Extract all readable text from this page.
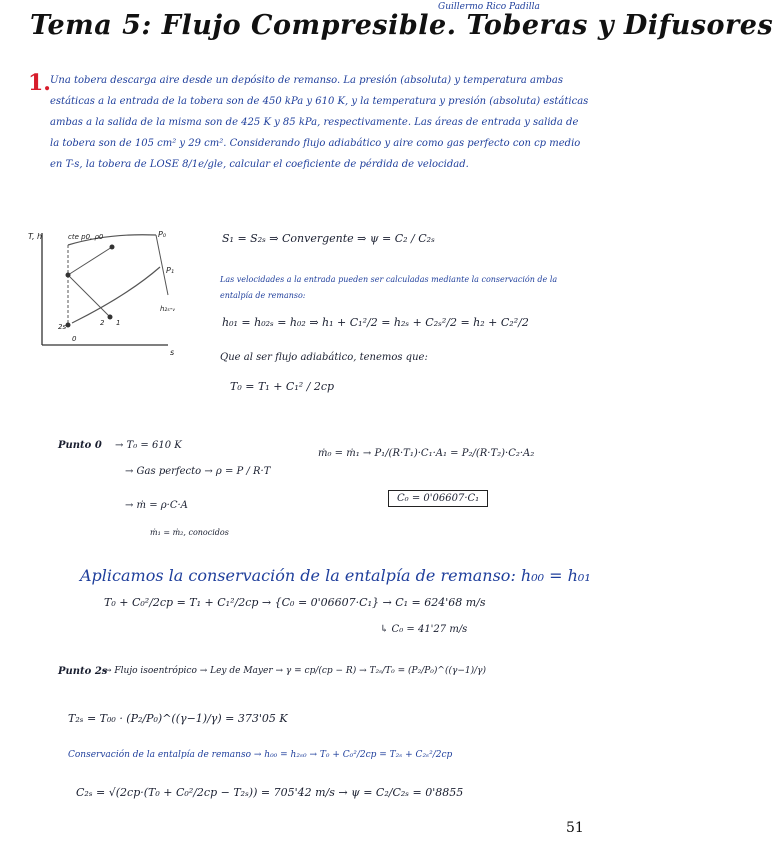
Tema 5: Flujo Compresible. Toberas y Difusores
Guillermo Rico Padilla
1. Una tobera descarga aire desde un depósito de remanso. La presión (absoluta) y temperatura ambas estáticas a la entrada de la tobera son de 450 kPa y 610 K, y la temperatura y presión (absoluta) estáticas ambas a la salida de la misma son de 425 K y 85 kPa, respectivamente. Las áreas de entrada y salida de la tobera son de 105 cm² y 29 cm². Considerando flujo adiabático y aire como gas perfecto con cp medio en T-s, la tobera de LOSE 8/1e/gle, calcular el coeficiente de pérdida de velocidad.
T, h	cte p0, ρ0	P₀
P₁
h₂ₛ-ᵥ
2s	2 1
0
s
S₁ = S₂ₛ ⇒ Convergente ⇒ ψ = C₂ / C₂ₛ
Las velocidades a la entrada pueden ser calculadas mediante la conservación de la entalpía de remanso:
h₀₁ = h₀₂ₛ = h₀₂ ⇒ h₁ + C₁²/2 = h₂ₛ + C₂ₛ²/2 = h₂ + C₂²/2
Que al ser flujo adiabático, tenemos que:
T₀ = T₁ + C₁² / 2cp
Punto 0 → T₀ = 610 K
→ Gas perfecto → ρ = P / R·T
→ ṁ = ρ·C·A
ṁ₁ = ṁ₂, conocidos
ṁ₀ = ṁ₁ → P₁/(R·T₁)·C₁·A₁ = P₂/(R·T₂)·C₂·A₂
C₀ = 0'06607·C₁
Aplicamos la conservación de la entalpía de remanso: h₀₀ = h₀₁
T₀ + C₀²/2cp = T₁ + C₁²/2cp → {C₀ = 0'06607·C₁} → C₁ = 624'68 m/s
↳ C₀ = 41'27 m/s
Punto 2s
→ Flujo isoentrópico → Ley de Mayer → γ = cp/(cp − R) → T₂ₛ/T₀ = (P₂/P₀)^((γ−1)/γ)
T₂ₛ = T₀₀ · (P₂/P₀)^((γ−1)/γ) = 373'05 K
Conservación de la entalpía de remanso → h₀₀ = h₂ₛ₀ → T₀ + C₀²/2cp = T₂ₛ + C₂ₛ²/2cp
C₂ₛ = √(2cp·(T₀ + C₀²/2cp − T₂ₛ)) = 705'42 m/s → ψ = C₂/C₂ₛ = 0'8855
51
